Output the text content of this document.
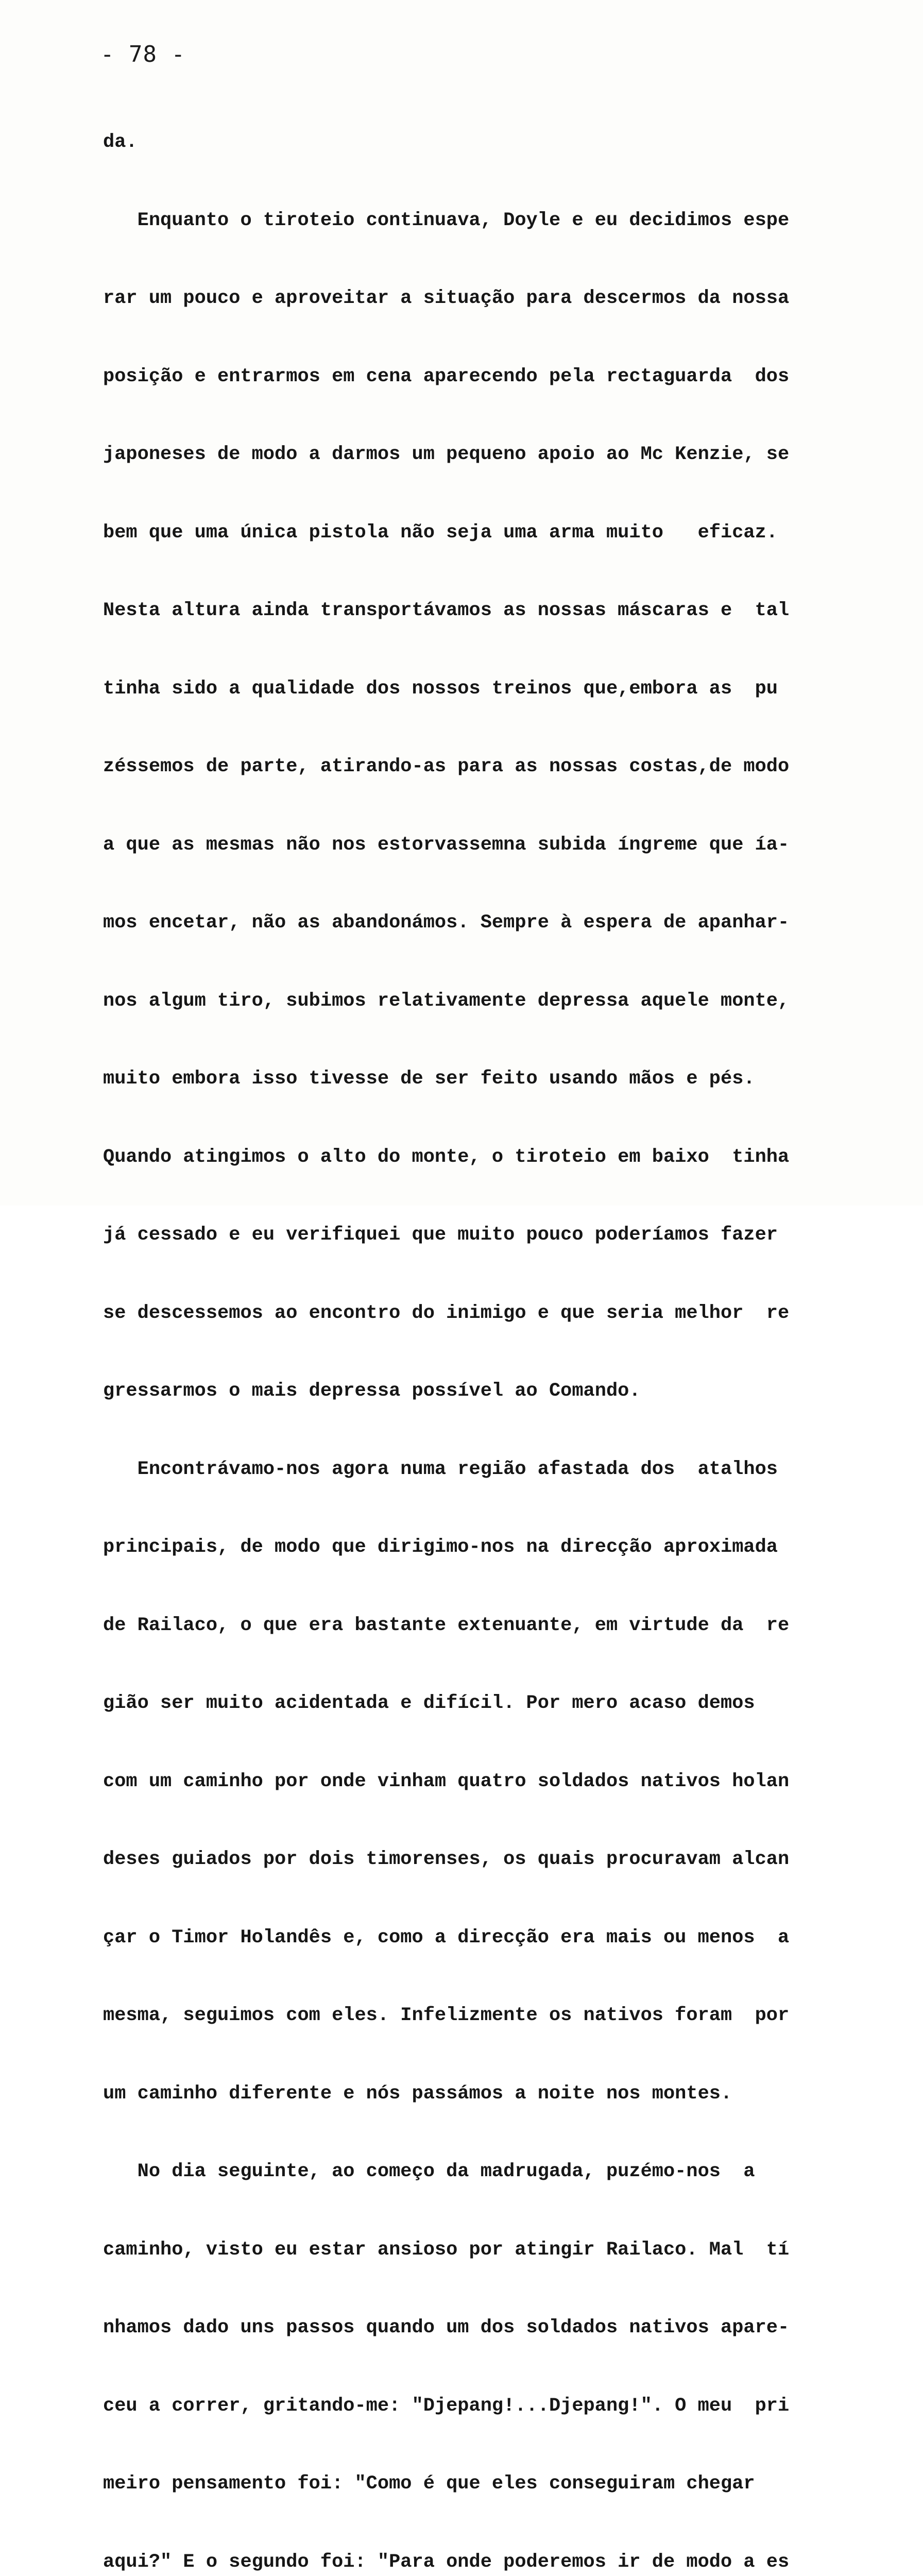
- 78 -

da.

Enquanto o tiroteio continuava, Doyle e eu decidimos espe

rar um pouco e aproveitar a situação para descermos da nossa

posição e entrarmos em cena aparecendo pela rectaguarda  dos

japoneses de modo a darmos um pequeno apoio ao Mc Kenzie, se

bem que uma única pistola não seja uma arma muito   eficaz.

Nesta altura ainda transportávamos as nossas máscaras e  tal

tinha sido a qualidade dos nossos treinos que,embora as  pu

zéssemos de parte, atirando-as para as nossas costas,de modo

a que as mesmas não nos estorvassemna subida íngreme que ía-

mos encetar, não as abandonámos. Sempre à espera de apanhar-

nos algum tiro, subimos relativamente depressa aquele monte,

muito embora isso tivesse de ser feito usando mãos e pés.

Quando atingimos o alto do monte, o tiroteio em baixo  tinha

já cessado e eu verifiquei que muito pouco poderíamos fazer

se descessemos ao encontro do inimigo e que seria melhor  re

gressarmos o mais depressa possível ao Comando.

Encontrávamo-nos agora numa região afastada dos  atalhos

principais, de modo que dirigimo-nos na direcção aproximada

de Railaco, o que era bastante extenuante, em virtude da  re

gião ser muito acidentada e difícil. Por mero acaso demos

com um caminho por onde vinham quatro soldados nativos holan

deses guiados por dois timorenses, os quais procuravam alcan

çar o Timor Holandês e, como a direcção era mais ou menos  a

mesma, seguimos com eles. Infelizmente os nativos foram  por

um caminho diferente e nós passámos a noite nos montes.

No dia seguinte, ao começo da madrugada, puzémo-nos  a

caminho, visto eu estar ansioso por atingir Railaco. Mal  tí

nhamos dado uns passos quando um dos soldados nativos apare-

ceu a correr, gritando-me: "Djepang!...Djepang!". O meu  pri

meiro pensamento foi: "Como é que eles conseguiram chegar

aqui?" E o segundo foi: "Para onde poderemos ir de modo a es
